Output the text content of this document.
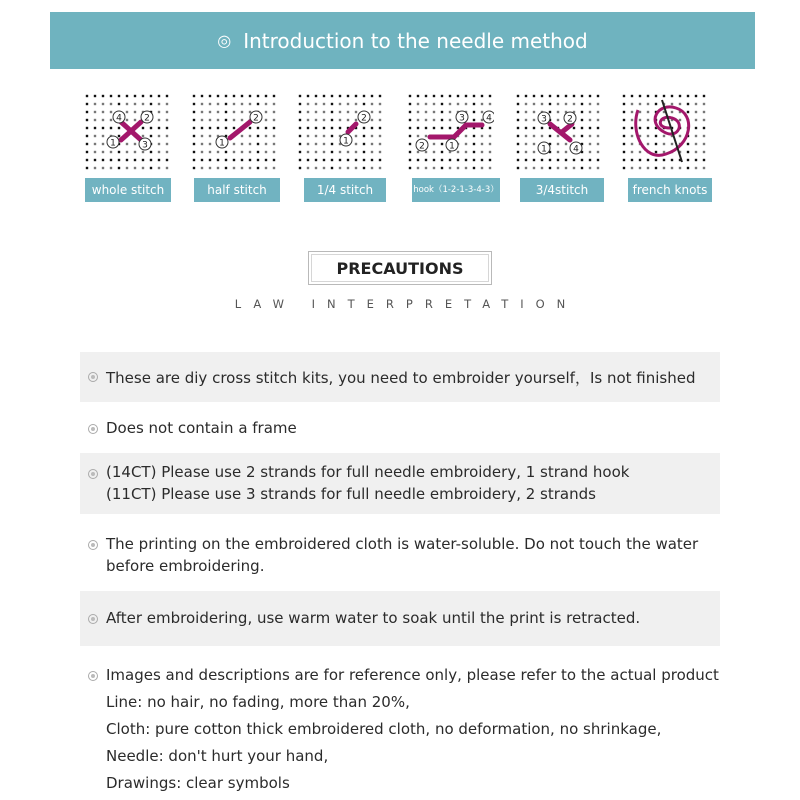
◎ Introduction to the needle method
4 2
1	3
whole stitch
2
1
half stitch
2
1
1/4 stitch
3 4
2	1
hook（1-2-1-3-4-3）
3 2
1	4
3/4stitch	french knots
PRECAUTIONS
LAW INTERPRETATION
These are diy cross stitch kits, you need to embroider yourself，Is not finished
Does not contain a frame
(14CT) Please use 2 strands for full needle embroidery, 1 strand hook
(11CT) Please use 3 strands for full needle embroidery, 2 strands
The printing on the embroidered cloth is water-soluble. Do not touch the water
before embroidering.
After embroidering, use warm water to soak until the print is retracted.
Images and descriptions are for reference only, please refer to the actual product
Line: no hair, no fading, more than 20%,
Cloth: pure cotton thick embroidered cloth, no deformation, no shrinkage,
Needle: don't hurt your hand,
Drawings: clear symbols
